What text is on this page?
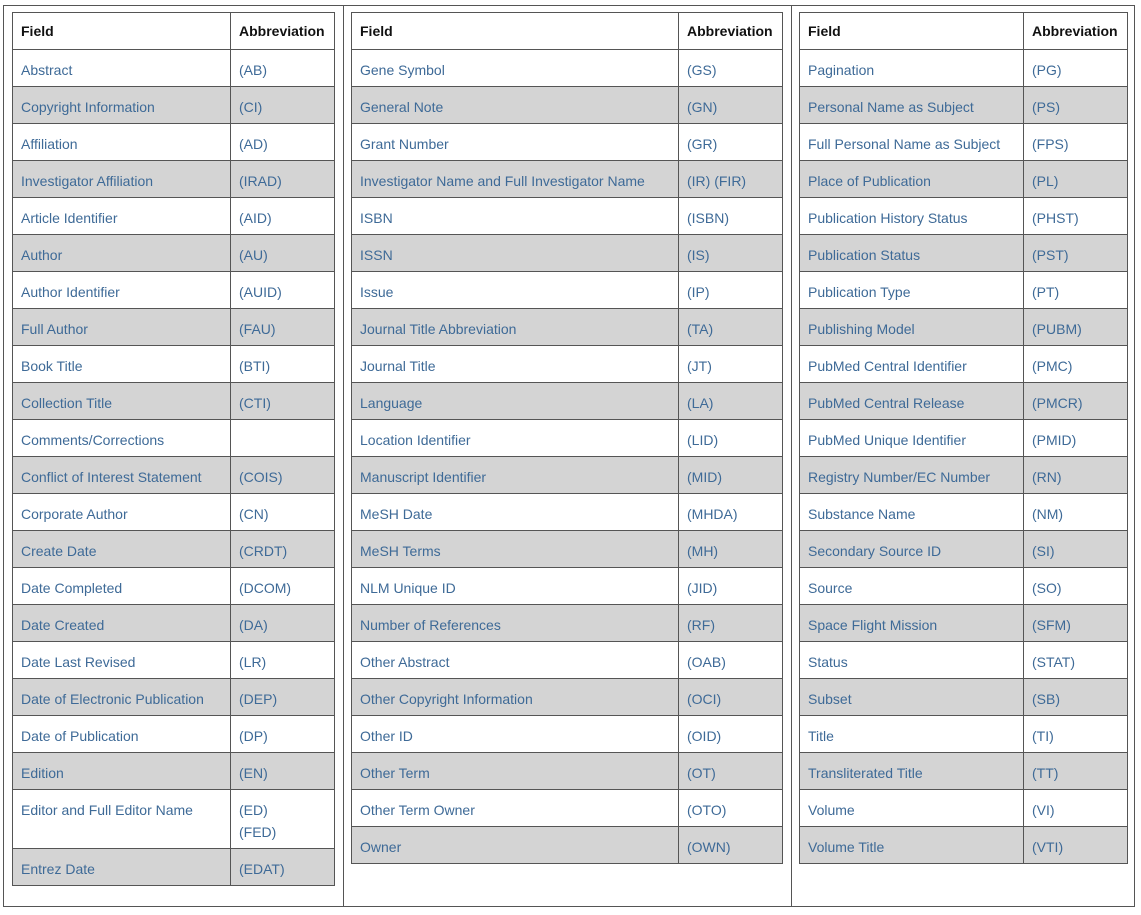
Field	Abbreviation
Abstract	(AB)
Copyright Information	(CI)
Affiliation	(AD)
Investigator Affiliation	(IRAD)
Article Identifier	(AID)
Author	(AU)
Author Identifier	(AUID)
Full Author	(FAU)
Book Title	(BTI)
Collection Title	(CTI)
Comments/Corrections	
Conflict of Interest Statement	(COIS)
Corporate Author	(CN)
Create Date	(CRDT)
Date Completed	(DCOM)
Date Created	(DA)
Date Last Revised	(LR)
Date of Electronic Publication	(DEP)
Date of Publication	(DP)
Edition	(EN)
Editor and Full Editor Name	(ED)
(FED)

Entrez Date	(EDAT)
Field	Abbreviation
Gene Symbol	(GS)
General Note	(GN)
Grant Number	(GR)
Investigator Name and Full Investigator Name	(IR) (FIR)
ISBN	(ISBN)
ISSN	(IS)
Issue	(IP)
Journal Title Abbreviation	(TA)
Journal Title	(JT)
Language	(LA)
Location Identifier	(LID)
Manuscript Identifier	(MID)
MeSH Date	(MHDA)
MeSH Terms	(MH)
NLM Unique ID	(JID)
Number of References	(RF)
Other Abstract	(OAB)
Other Copyright Information	(OCI)
Other ID	(OID)
Other Term	(OT)
Other Term Owner	(OTO)
Owner	(OWN)
Field	Abbreviation
Pagination	(PG)
Personal Name as Subject	(PS)
Full Personal Name as Subject	(FPS)
Place of Publication	(PL)
Publication History Status	(PHST)
Publication Status	(PST)
Publication Type	(PT)
Publishing Model	(PUBM)
PubMed Central Identifier	(PMC)
PubMed Central Release	(PMCR)
PubMed Unique Identifier	(PMID)
Registry Number/EC Number	(RN)
Substance Name	(NM)
Secondary Source ID	(SI)
Source	(SO)
Space Flight Mission	(SFM)
Status	(STAT)
Subset	(SB)
Title	(TI)
Transliterated Title	(TT)
Volume	(VI)
Volume Title	(VTI)
